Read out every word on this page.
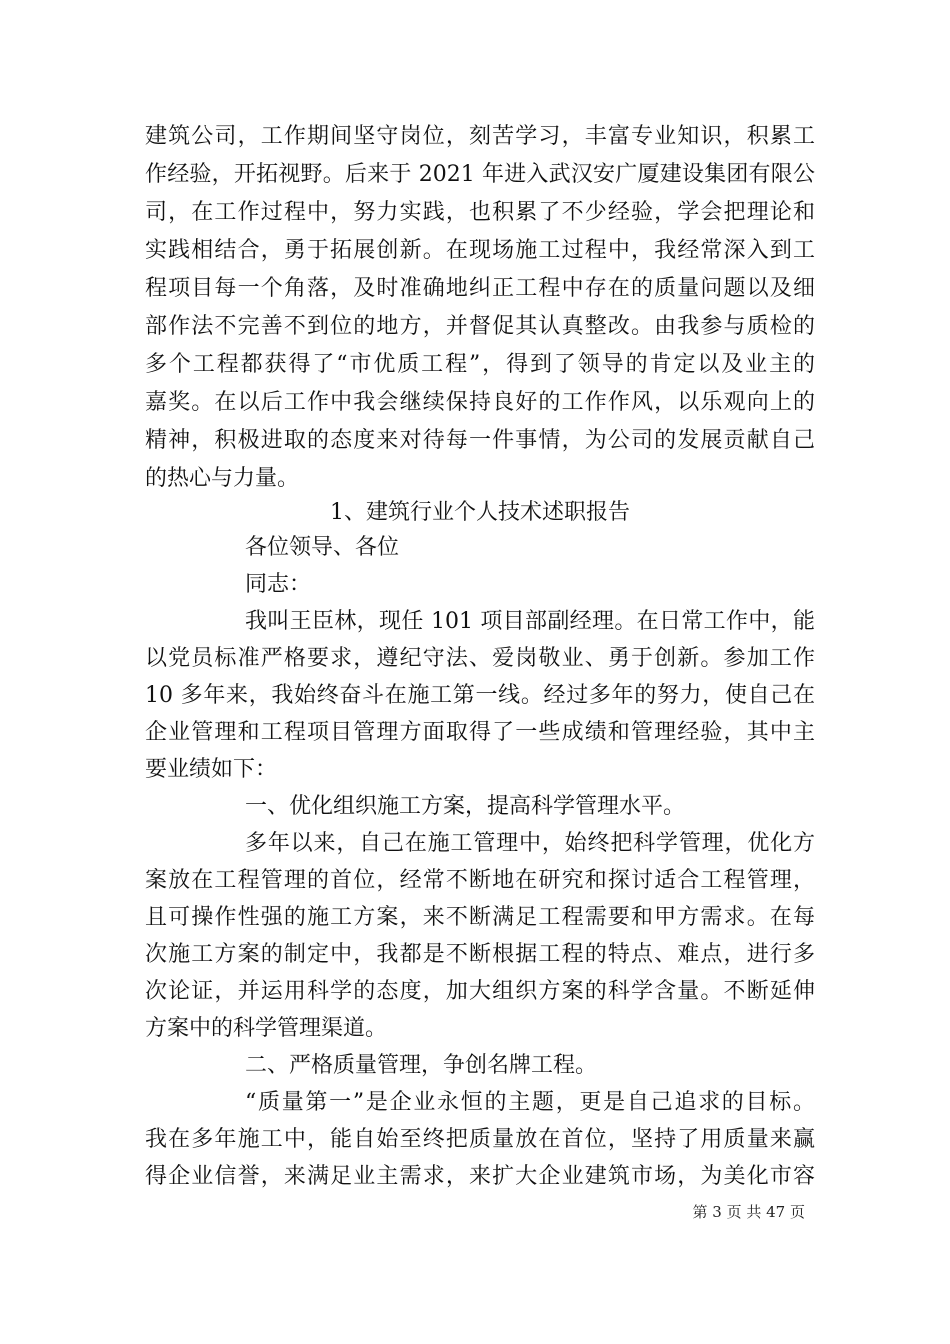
建筑公司，工作期间坚守岗位，刻苦学习，丰富专业知识，积累工
作经验，开拓视野。后来于 2021 年进入武汉安广厦建设集团有限公
司，在工作过程中，努力实践，也积累了不少经验，学会把理论和
实践相结合，勇于拓展创新。在现场施工过程中，我经常深入到工
程项目每一个角落，及时准确地纠正工程中存在的质量问题以及细
部作法不完善不到位的地方，并督促其认真整改。由我参与质检的
多个工程都获得了“市优质工程”，得到了领导的肯定以及业主的
嘉奖。在以后工作中我会继续保持良好的工作作风，以乐观向上的
精神，积极进取的态度来对待每一件事情，为公司的发展贡献自己
的热心与力量。
1、建筑行业个人技术述职报告
各位领导、各位
同志：
我叫王臣林，现任 101 项目部副经理。在日常工作中，能
以党员标准严格要求，遵纪守法、爱岗敬业、勇于创新。参加工作
10 多年来，我始终奋斗在施工第一线。经过多年的努力，使自己在
企业管理和工程项目管理方面取得了一些成绩和管理经验，其中主
要业绩如下：
一、优化组织施工方案，提高科学管理水平。
多年以来，自己在施工管理中，始终把科学管理，优化方
案放在工程管理的首位，经常不断地在研究和探讨适合工程管理，
且可操作性强的施工方案，来不断满足工程需要和甲方需求。在每
次施工方案的制定中，我都是不断根据工程的特点、难点，进行多
次论证，并运用科学的态度，加大组织方案的科学含量。不断延伸
方案中的科学管理渠道。
二、严格质量管理，争创名牌工程。
“质量第一”是企业永恒的主题，更是自己追求的目标。
我在多年施工中，能自始至终把质量放在首位，坚持了用质量来赢
得企业信誉，来满足业主需求，来扩大企业建筑市场，为美化市容
第 3 页 共 47 页
